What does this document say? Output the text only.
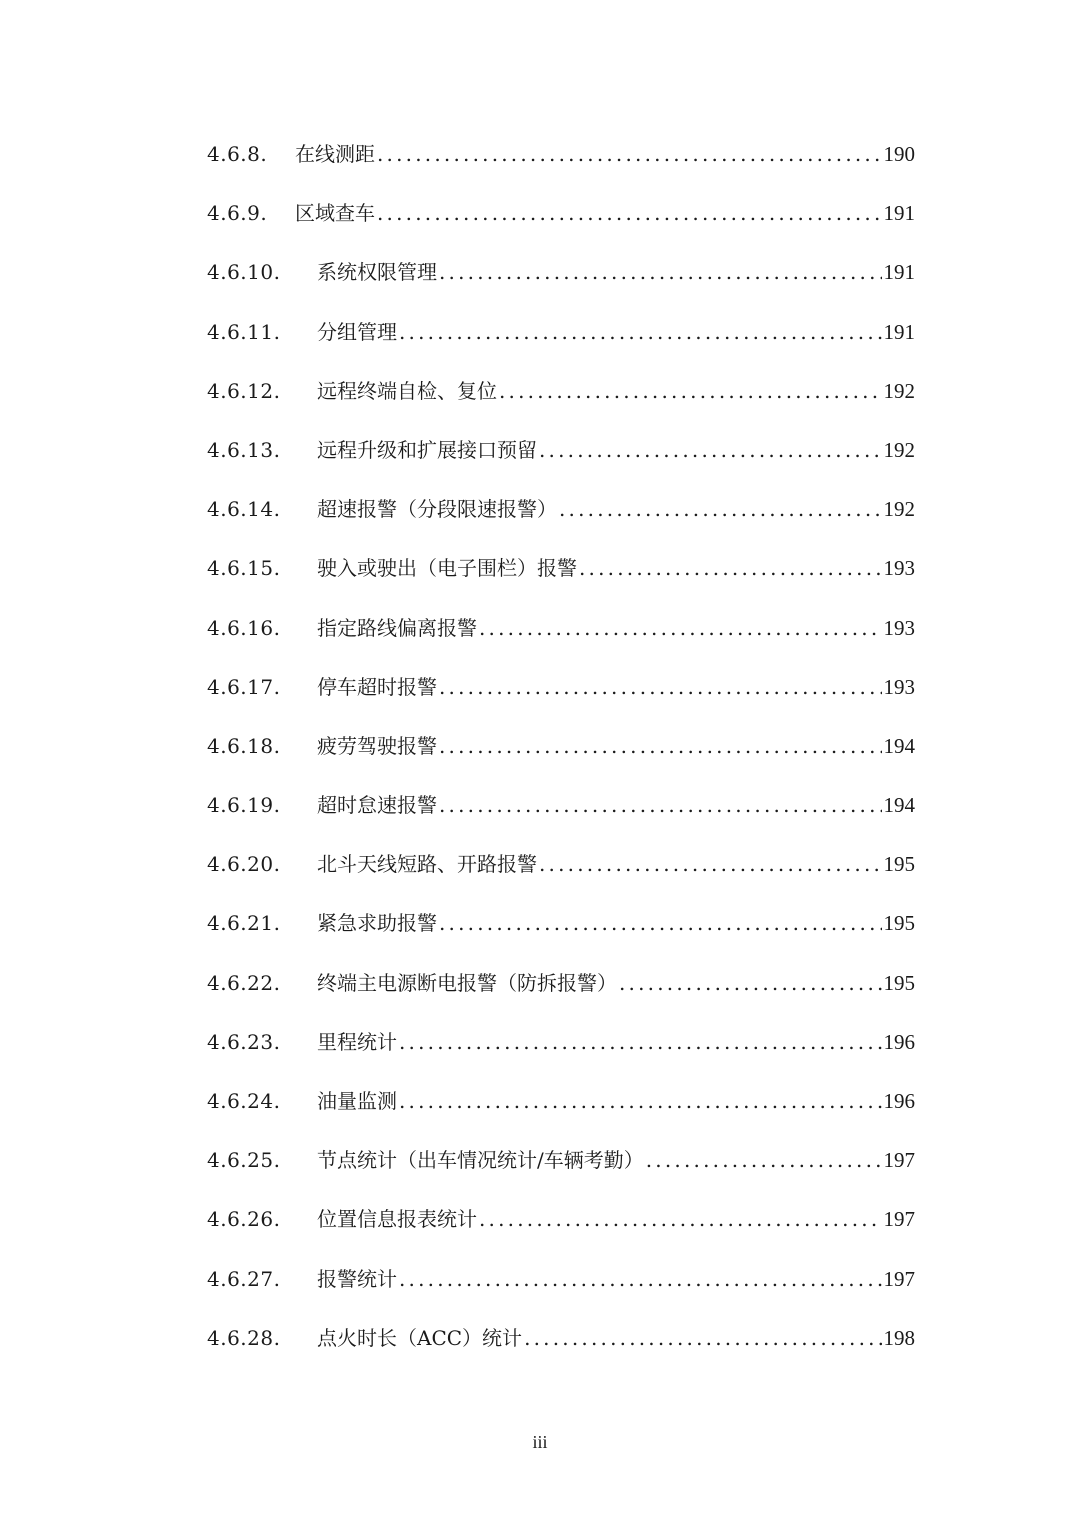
4.6.8.	在线测距 .....	190
4.6.9.	区域查车 .....	191
4.6.10.	系统权限管理 .....	191
4.6.11.	分组管理 .....	191
4.6.12.	远程终端自检、复位 .....	192
4.6.13.	远程升级和扩展接口预留 .....	192
4.6.14.	超速报警（分段限速报警） .....	192
4.6.15.	驶入或驶出（电子围栏）报警 .....	193
4.6.16.	指定路线偏离报警 .....	193
4.6.17.	停车超时报警 .....	193
4.6.18.	疲劳驾驶报警 .....	194
4.6.19.	超时怠速报警 .....	194
4.6.20.	北斗天线短路、开路报警 .....	195
4.6.21.	紧急求助报警 .....	195
4.6.22.	终端主电源断电报警（防拆报警） .....	195
4.6.23.	里程统计 .....	196
4.6.24.	油量监测 .....	196
4.6.25.	节点统计（出车情况统计/车辆考勤） .....	197
4.6.26.	位置信息报表统计 .....	197
4.6.27.	报警统计 .....	197
4.6.28.	点火时长（ACC）统计 .....	198
iii
